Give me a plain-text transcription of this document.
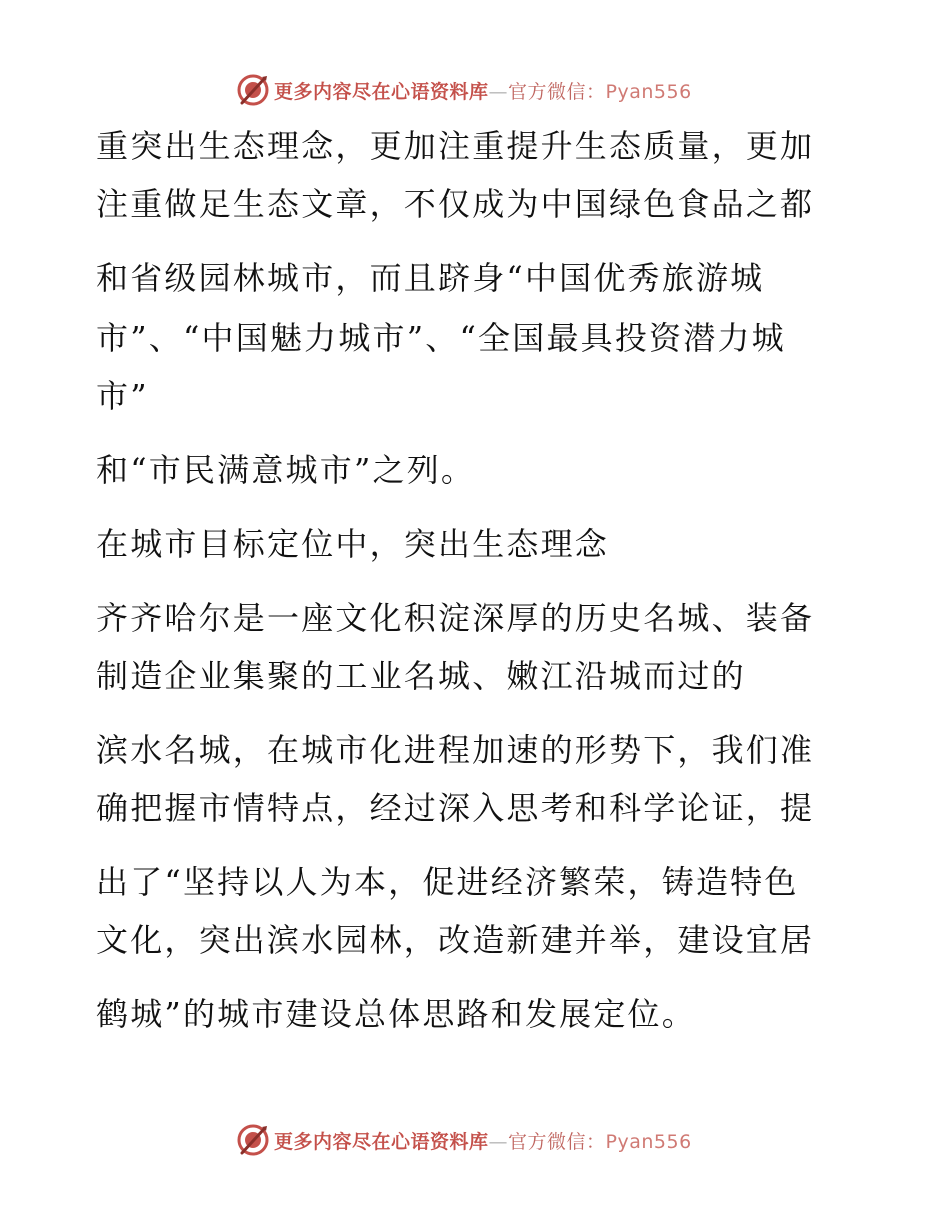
更多内容尽在心语资料库—官方微信：Pyan556

重突出生态理念，更加注重提升生态质量，更加

注重做足生态文章，不仅成为中国绿色食品之都

和省级园林城市，而且跻身“中国优秀旅游城

市”、“中国魅力城市”、“全国最具投资潜力城

市”

和“市民满意城市”之列。

在城市目标定位中，突出生态理念

齐齐哈尔是一座文化积淀深厚的历史名城、装备

制造企业集聚的工业名城、嫩江沿城而过的

滨水名城，在城市化进程加速的形势下，我们准

确把握市情特点，经过深入思考和科学论证，提

出了“坚持以人为本，促进经济繁荣，铸造特色

文化，突出滨水园林，改造新建并举，建设宜居

鹤城”的城市建设总体思路和发展定位。

更多内容尽在心语资料库—官方微信：Pyan556
